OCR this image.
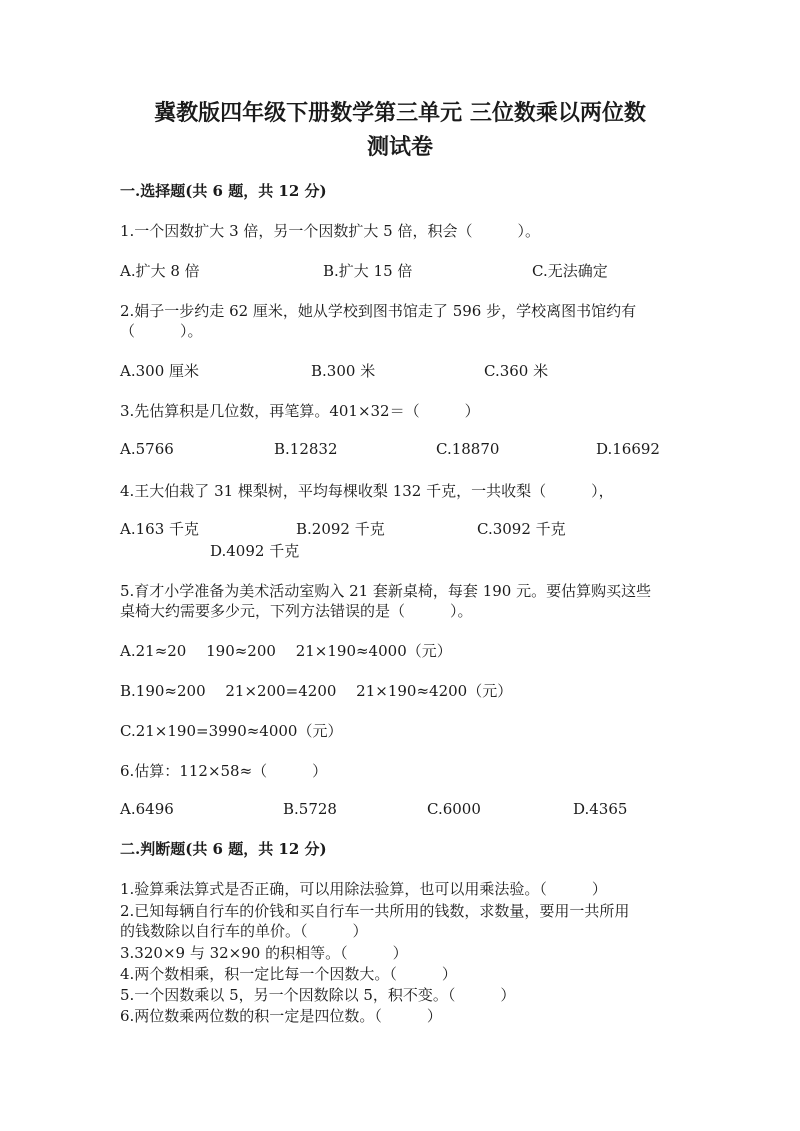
冀教版四年级下册数学第三单元 三位数乘以两位数
测试卷
一.选择题(共 6 题，共 12 分)
1.一个因数扩大 3 倍，另一个因数扩大 5 倍，积会（　　　）。
A.扩大 8 倍	B.扩大 15 倍	C.无法确定
2.娟子一步约走 62 厘米，她从学校到图书馆走了 596 步，学校离图书馆约有
（　　　）。
A.300 厘米	B.300 米	C.360 米
3.先估算积是几位数，再笔算。401×32＝（　　　）
A.5766	B.12832	C.18870	D.16692
4.王大伯栽了 31 棵梨树，平均每棵收梨 132 千克，一共收梨（　　　），
A.163 千克	B.2092 千克	C.3092 千克
D.4092 千克
5.育才小学准备为美术活动室购入 21 套新桌椅，每套 190 元。要估算购买这些
桌椅大约需要多少元，下列方法错误的是（　　　）。
A.21≈20　 190≈200　 21×190≈4000（元）
B.190≈200　 21×200=4200　 21×190≈4200（元）
C.21×190=3990≈4000（元）
6.估算：112×58≈（　　　）
A.6496	B.5728	C.6000	D.4365
二.判断题(共 6 题，共 12 分)
1.验算乘法算式是否正确，可以用除法验算，也可以用乘法验。（　　　）
2.已知每辆自行车的价钱和买自行车一共所用的钱数，求数量，要用一共所用
的钱数除以自行车的单价。（　　　）
3.320×9 与 32×90 的积相等。（　　　）
4.两个数相乘，积一定比每一个因数大。（　　　）
5.一个因数乘以 5，另一个因数除以 5，积不变。（　　　）
6.两位数乘两位数的积一定是四位数。（　　　）
